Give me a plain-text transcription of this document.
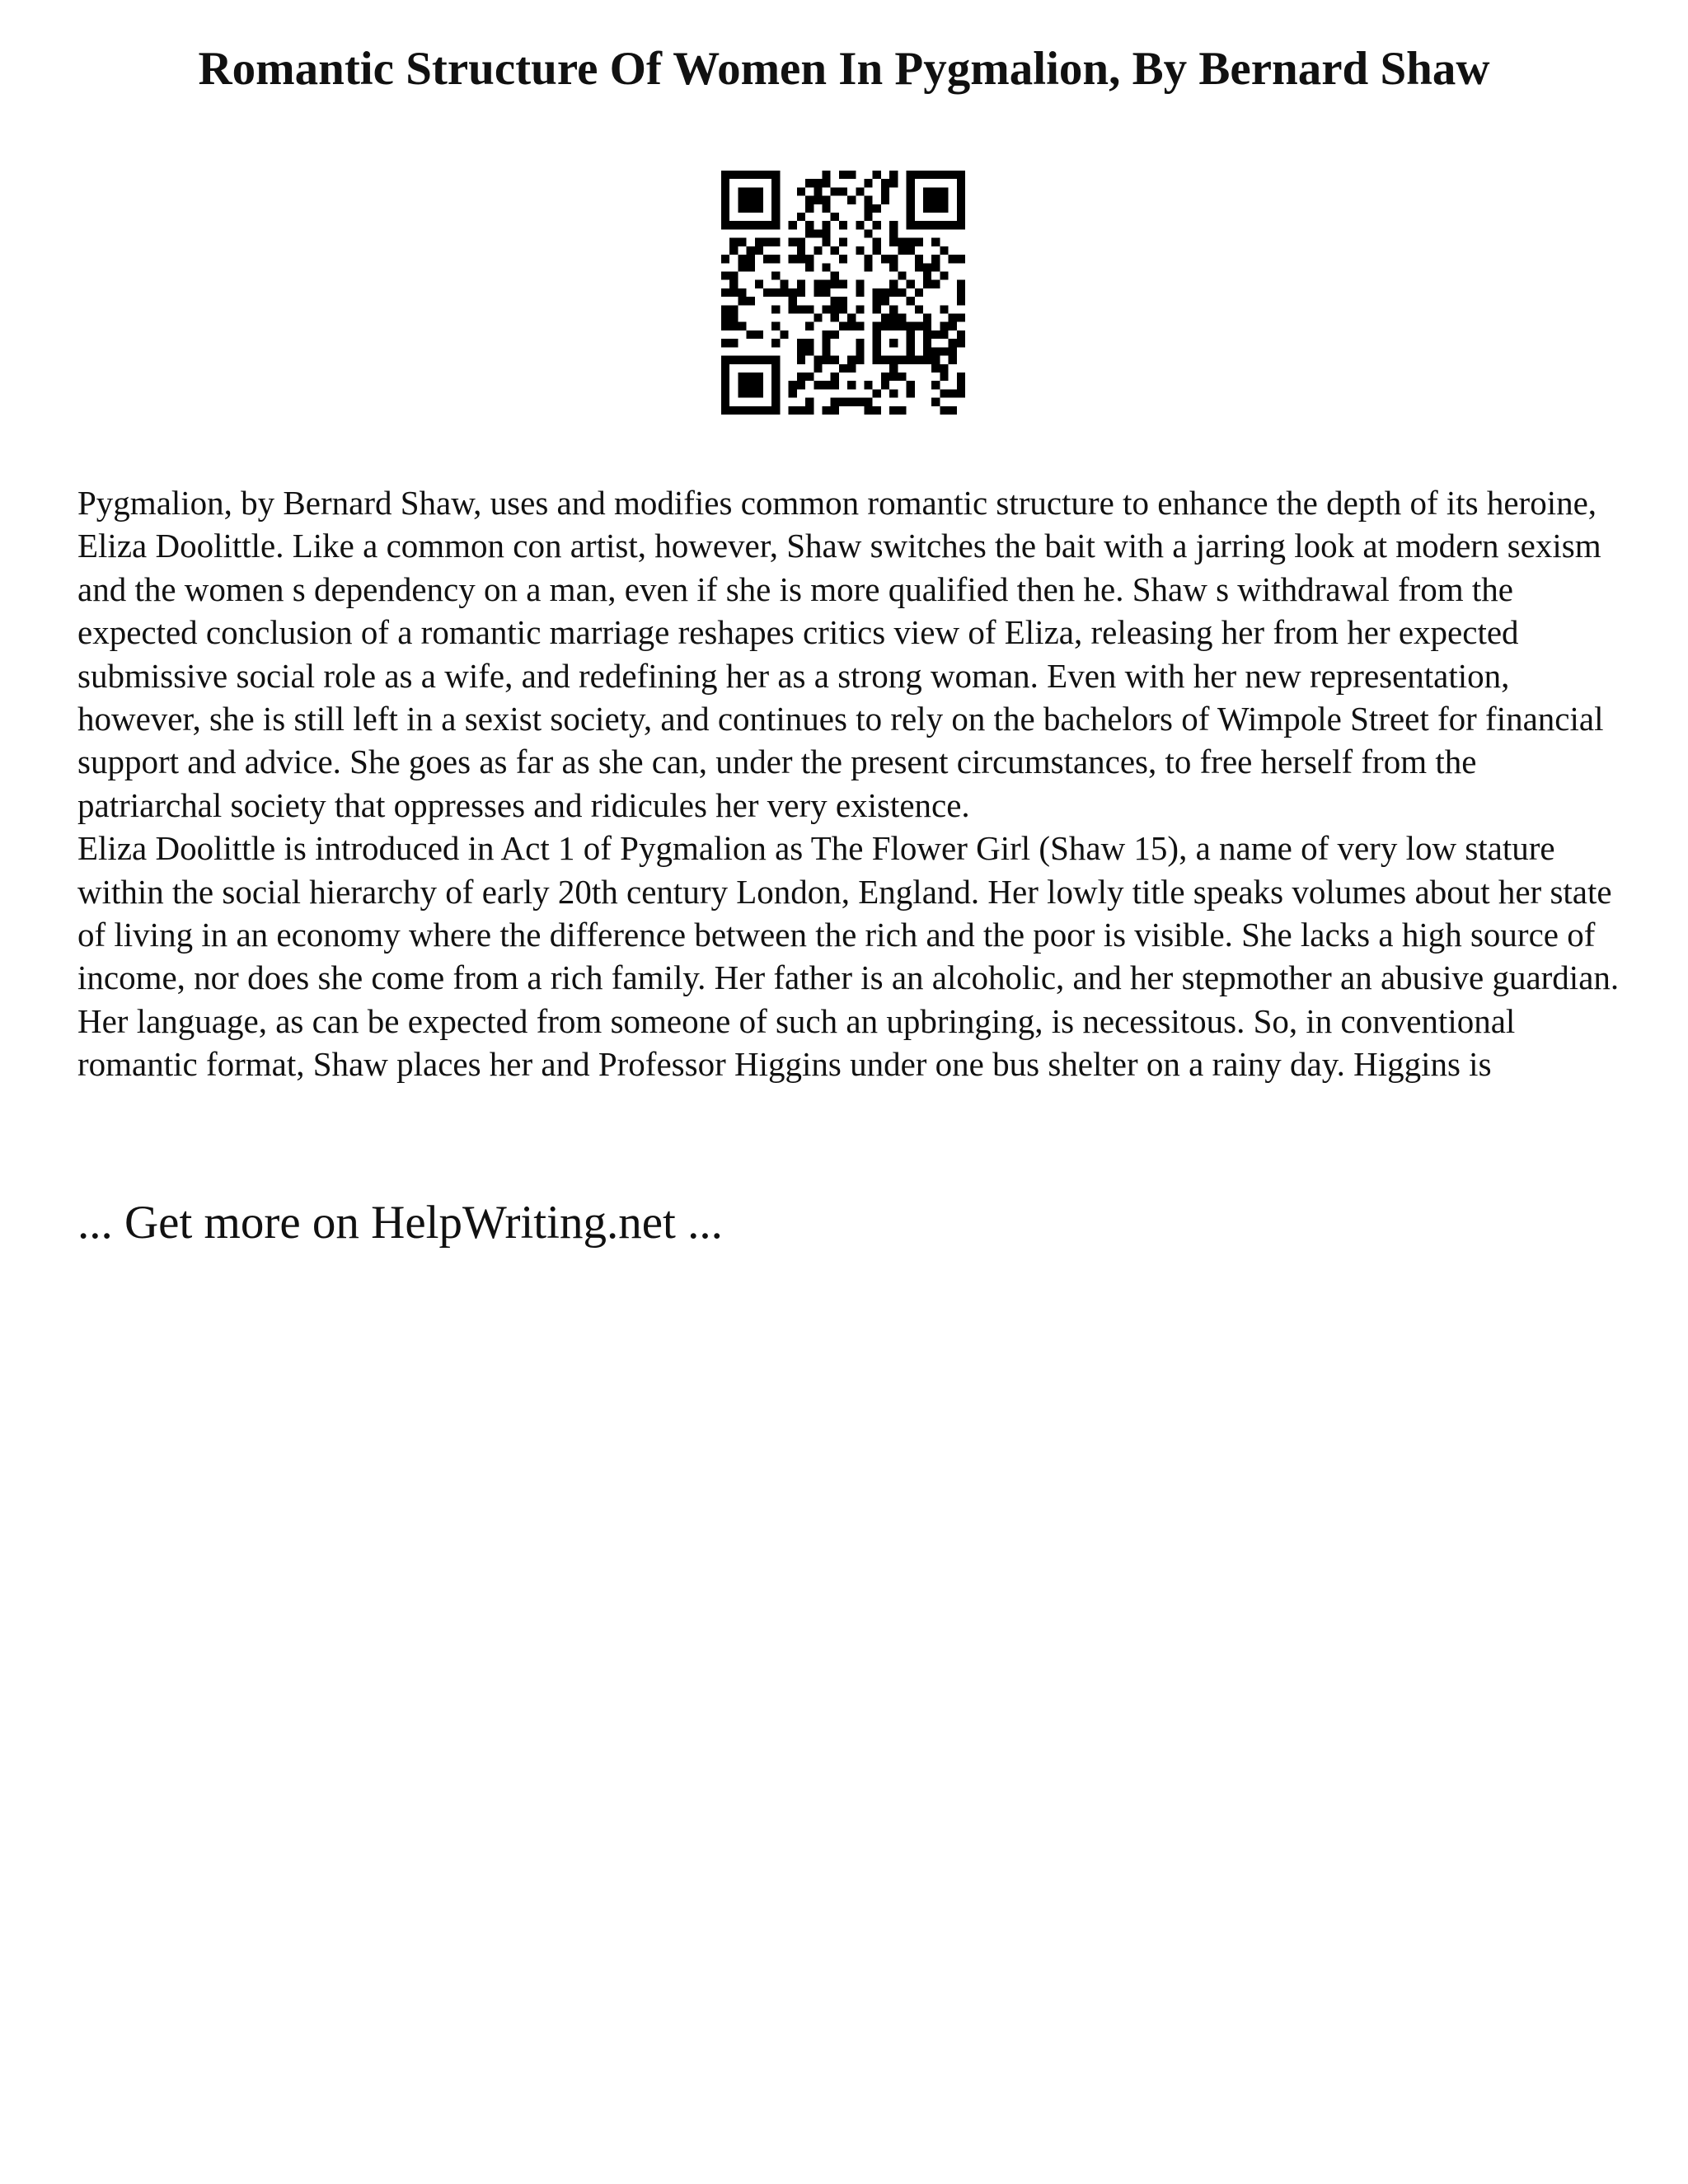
Romantic Structure Of Women In Pygmalion, By Bernard Shaw

Pygmalion, by Bernard Shaw, uses and modifies common romantic structure to enhance the depth of its heroine, Eliza Doolittle. Like a common con artist, however, Shaw switches the bait with a jarring look at modern sexism and the women s dependency on a man, even if she is more qualified then he. Shaw s withdrawal from the expected conclusion of a romantic marriage reshapes critics view of Eliza, releasing her from her expected submissive social role as a wife, and redefining her as a strong woman. Even with her new representation, however, she is still left in a sexist society, and continues to rely on the bachelors of Wimpole Street for financial support and advice. She goes as far as she can, under the present circumstances, to free herself from the patriarchal society that oppresses and ridicules her very existence.

Eliza Doolittle is introduced in Act 1 of Pygmalion as The Flower Girl (Shaw 15), a name of very low stature within the social hierarchy of early 20th century London, England. Her lowly title speaks volumes about her state of living in an economy where the difference between the rich and the poor is visible. She lacks a high source of income, nor does she come from a rich family. Her father is an alcoholic, and her stepmother an abusive guardian. Her language, as can be expected from someone of such an upbringing, is necessitous. So, in conventional romantic format, Shaw places her and Professor Higgins under one bus shelter on a rainy day. Higgins is

... Get more on HelpWriting.net ...
